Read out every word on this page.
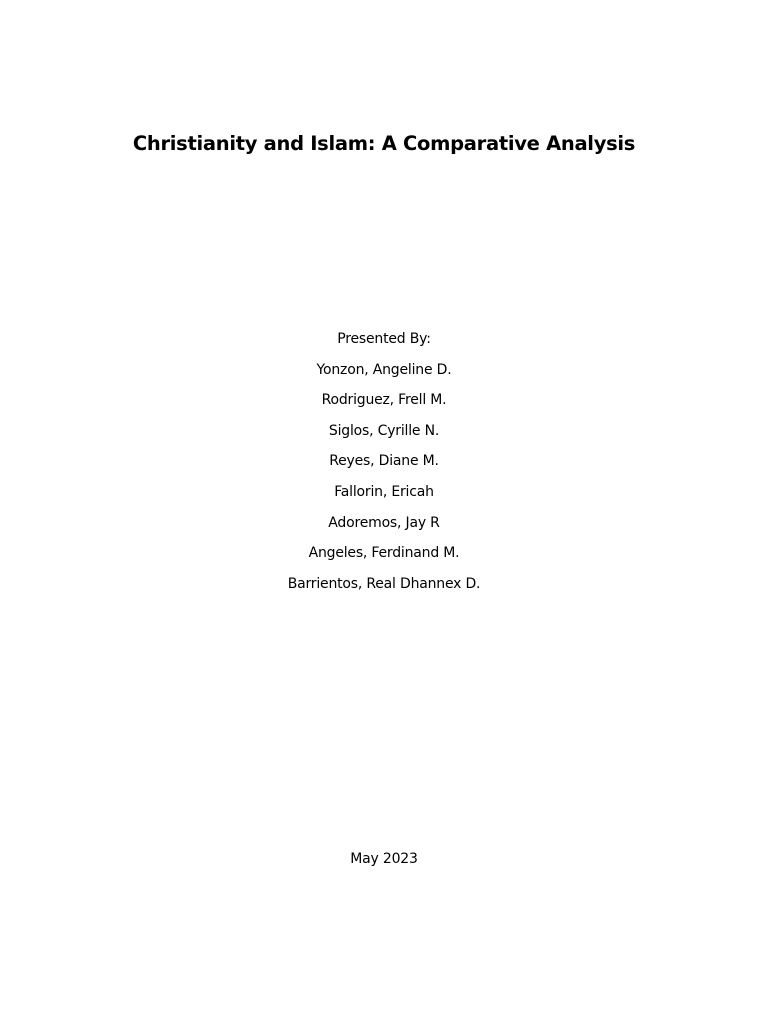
Christianity and Islam: A Comparative Analysis
Presented By:
Yonzon, Angeline D.
Rodriguez, Frell M.
Siglos, Cyrille N.
Reyes, Diane M.
Fallorin, Ericah
Adoremos, Jay R
Angeles, Ferdinand M.
Barrientos, Real Dhannex D.

May 2023
